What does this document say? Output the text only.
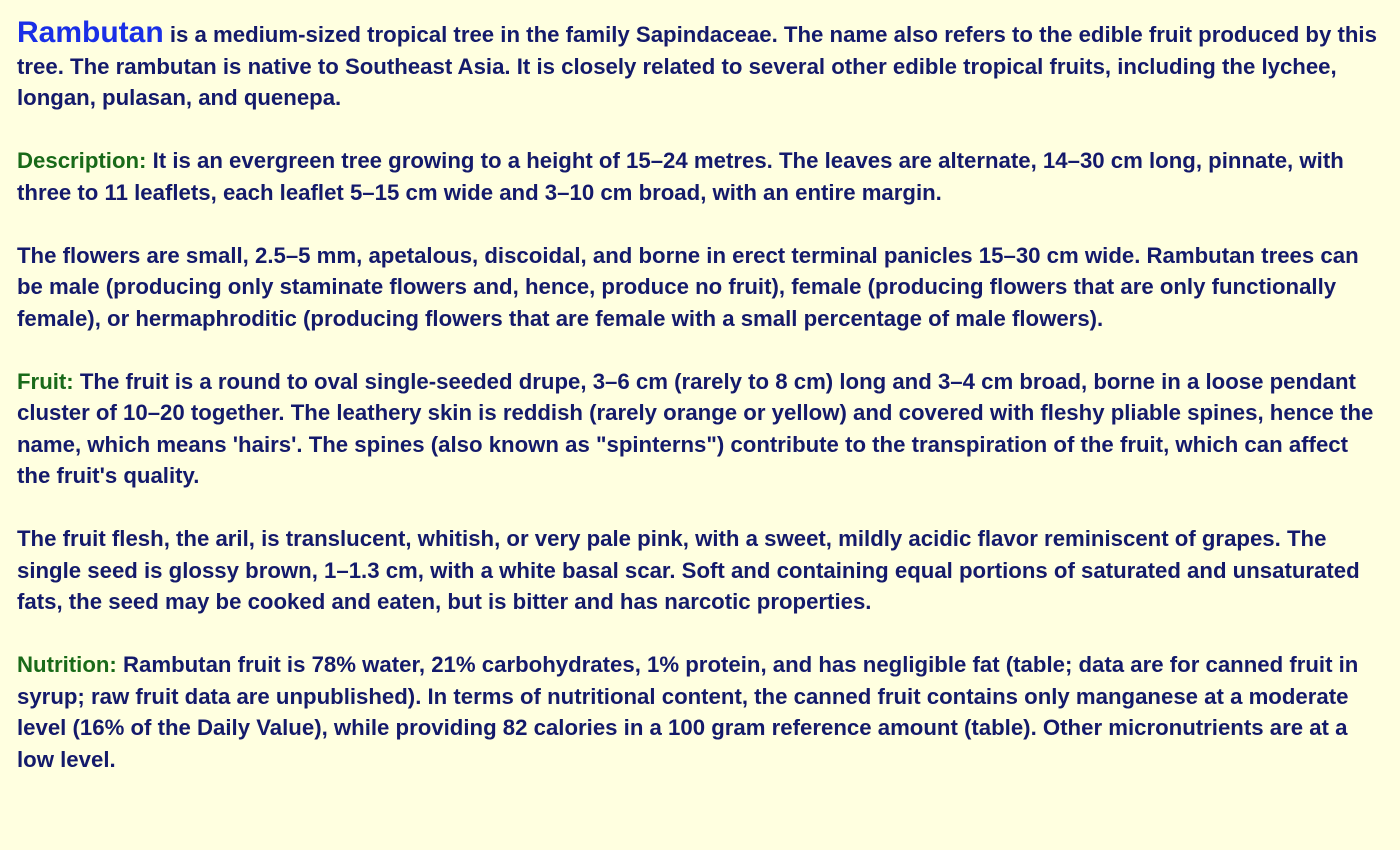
Rambutan is a medium-sized tropical tree in the family Sapindaceae. The name also refers to the edible fruit produced by this tree. The rambutan is native to Southeast Asia. It is closely related to several other edible tropical fruits, including the lychee, longan, pulasan, and quenepa.

Description: It is an evergreen tree growing to a height of 15–24 metres. The leaves are alternate, 14–30 cm long, pinnate, with three to 11 leaflets, each leaflet 5–15 cm wide and 3–10 cm broad, with an entire margin.

The flowers are small, 2.5–5 mm, apetalous, discoidal, and borne in erect terminal panicles 15–30 cm wide. Rambutan trees can be male (producing only staminate flowers and, hence, produce no fruit), female (producing flowers that are only functionally female), or hermaphroditic (producing flowers that are female with a small percentage of male flowers).

Fruit: The fruit is a round to oval single-seeded drupe, 3–6 cm (rarely to 8 cm) long and 3–4 cm broad, borne in a loose pendant cluster of 10–20 together. The leathery skin is reddish (rarely orange or yellow) and covered with fleshy pliable spines, hence the name, which means 'hairs'. The spines (also known as "spinterns") contribute to the transpiration of the fruit, which can affect the fruit's quality.

The fruit flesh, the aril, is translucent, whitish, or very pale pink, with a sweet, mildly acidic flavor reminiscent of grapes. The single seed is glossy brown, 1–1.3 cm, with a white basal scar. Soft and containing equal portions of saturated and unsaturated fats, the seed may be cooked and eaten, but is bitter and has narcotic properties.

Nutrition: Rambutan fruit is 78% water, 21% carbohydrates, 1% protein, and has negligible fat (table; data are for canned fruit in syrup; raw fruit data are unpublished). In terms of nutritional content, the canned fruit contains only manganese at a moderate level (16% of the Daily Value), while providing 82 calories in a 100 gram reference amount (table). Other micronutrients are at a low level.
